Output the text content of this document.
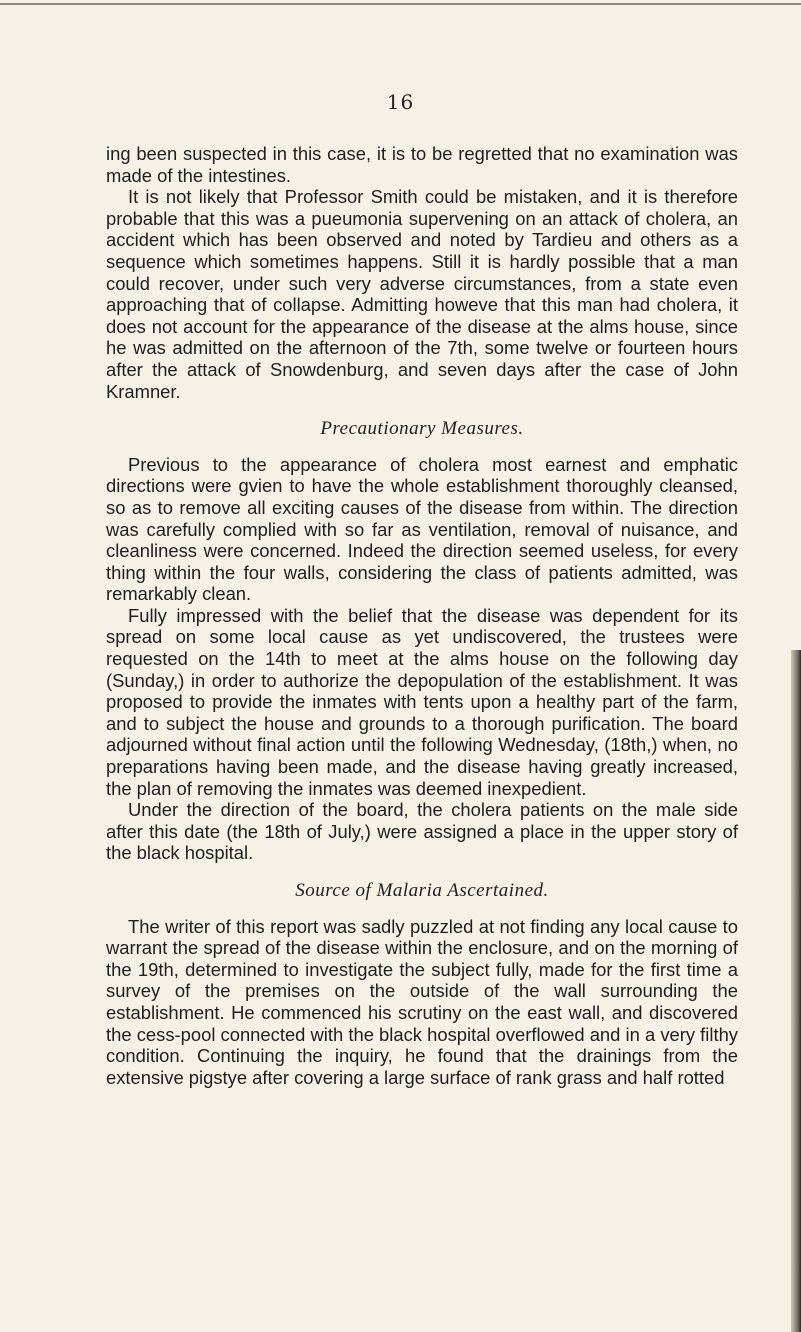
16

ing been suspected in this case, it is to be regretted that no examination was made of the intestines.

It is not likely that Professor Smith could be mistaken, and it is therefore probable that this was a pueumonia supervening on an attack of cholera, an accident which has been observed and noted by Tardieu and others as a sequence which sometimes happens. Still it is hardly possible that a man could recover, under such very adverse circumstances, from a state even approaching that of collapse. Admitting howeve that this man had cholera, it does not account for the appearance of the disease at the alms house, since he was admitted on the afternoon of the 7th, some twelve or fourteen hours after the attack of Snowdenburg, and seven days after the case of John Kramner.

Precautionary Measures.

Previous to the appearance of cholera most earnest and emphatic directions were gvien to have the whole establishment thoroughly cleansed, so as to remove all exciting causes of the disease from within. The direction was carefully complied with so far as ventilation, removal of nuisance, and cleanliness were concerned. Indeed the direction seemed useless, for every thing within the four walls, considering the class of patients admitted, was remarkably clean.

Fully impressed with the belief that the disease was dependent for its spread on some local cause as yet undiscovered, the trustees were requested on the 14th to meet at the alms house on the following day (Sunday,) in order to authorize the depopulation of the establishment. It was proposed to provide the inmates with tents upon a healthy part of the farm, and to subject the house and grounds to a thorough purification. The board adjourned without final action until the following Wednesday, (18th,) when, no preparations having been made, and the disease having greatly increased, the plan of removing the inmates was deemed inexpedient.

Under the direction of the board, the cholera patients on the male side after this date (the 18th of July,) were assigned a place in the upper story of the black hospital.

Source of Malaria Ascertained.

The writer of this report was sadly puzzled at not finding any local cause to warrant the spread of the disease within the enclosure, and on the morning of the 19th, determined to investigate the subject fully, made for the first time a survey of the premises on the outside of the wall surrounding the establishment. He commenced his scrutiny on the east wall, and discovered the cess-pool connected with the black hospital overflowed and in a very filthy condition. Continuing the inquiry, he found that the drainings from the extensive pigstye after covering a large surface of rank grass and half rotted
